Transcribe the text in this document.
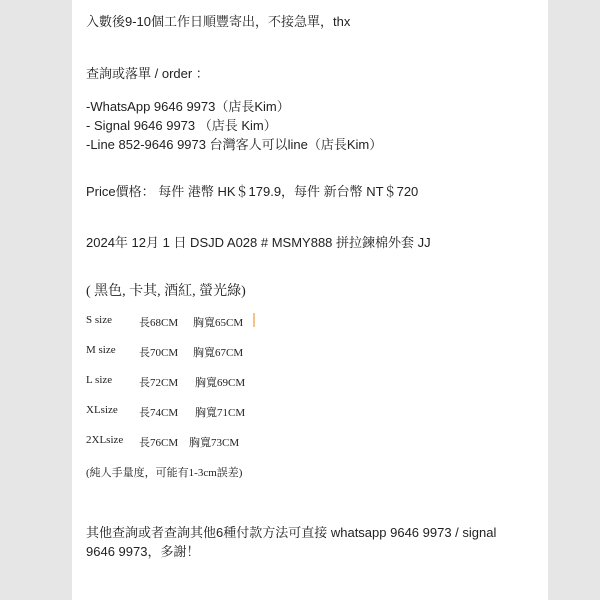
入數後9-10個工作日順豐寄出，不接急單，thx
查詢或落單 / order ：
-WhatsApp 9646 9973（店長Kim）
- Signal 9646 9973 （店長 Kim）
-Line 852-9646 9973 台灣客人可以line（店長Kim）
Price價格： 每件 港幣 HK＄179.9，每件 新台幣 NT＄720
2024年 12月 1 日 DSJD A028 # MSMY888 拼拉鍊棉外套 JJ
( 黑色, 卡其, 酒紅, 螢光綠)
S size 長68CM 胸寬65CM
M size 長70CM 胸寬67CM
L size 長72CM 胸寬69CM
XLsize 長74CM 胸寬71CM
2XLsize 長76CM 胸寬73CM
(純人手量度，可能有1-3cm誤差)
其他查詢或者查詢其他6種付款方法可直接 whatsapp 9646 9973 / signal
9646 9973，多謝！
